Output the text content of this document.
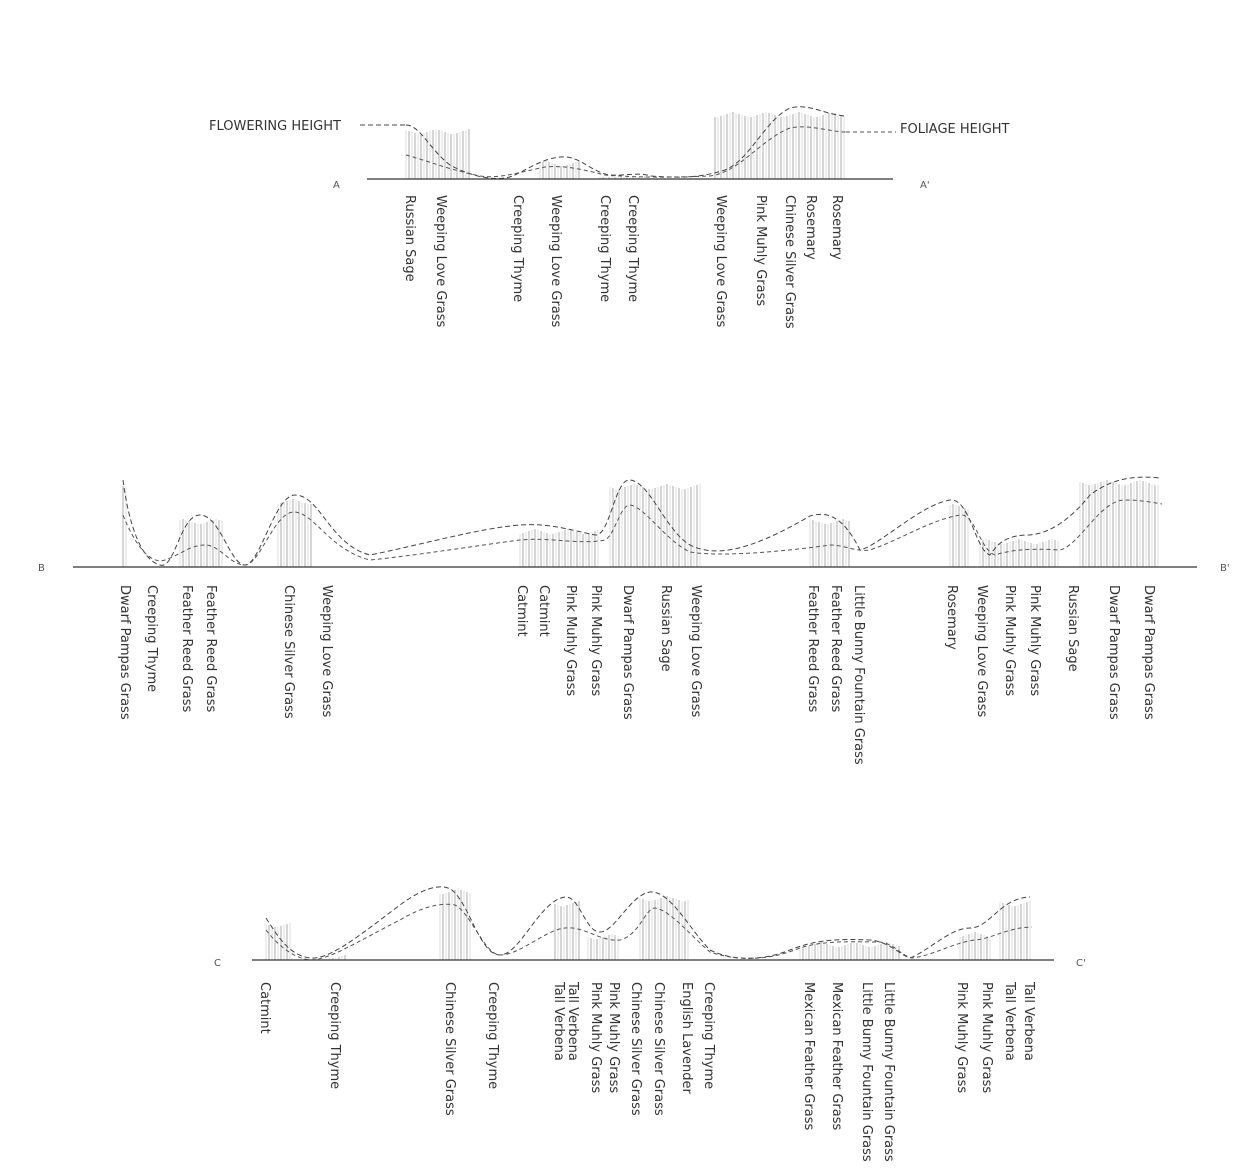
FLOWERING HEIGHT	FOLIAGE HEIGHT
A	A'
Russian Sage Weeping Love Grass	Creeping Thyme Weeping Love Grass	Creeping Thyme Creeping Thyme	Weeping Love Grass Pink Muhly Grass Chinese Silver Grass Rosemary Rosemary
B	B'
Dwarf Pampas Grass Creeping Thyme Feather Reed Grass Feather Reed Grass	Chinese Silver Grass Weeping Love Grass	Catmint Catmint Pink Muhly Grass Pink Muhly Grass Dwarf Pampas Grass Russian Sage Weeping Love Grass	Feather Reed Grass Feather Reed Grass Little Bunny Fountain Grass	Rosemary Weeping Love Grass Pink Muhly Grass Pink Muhly Grass Russian Sage Dwarf Pampas Grass Dwarf Pampas Grass
C	C'
Catmint	Creeping Thyme	Chinese Silver Grass Creeping Thyme	Tall Verbena Tall Verbena Pink Muhly Grass Pink Muhly Grass Chinese Silver Grass Chinese Silver Grass English Lavender Creeping Thyme	Mexican Feather Grass Mexican Feather Grass Little Bunny Fountain Grass Little Bunny Fountain Grass	Pink Muhly Grass Pink Muhly Grass Tall Verbena Tall Verbena
